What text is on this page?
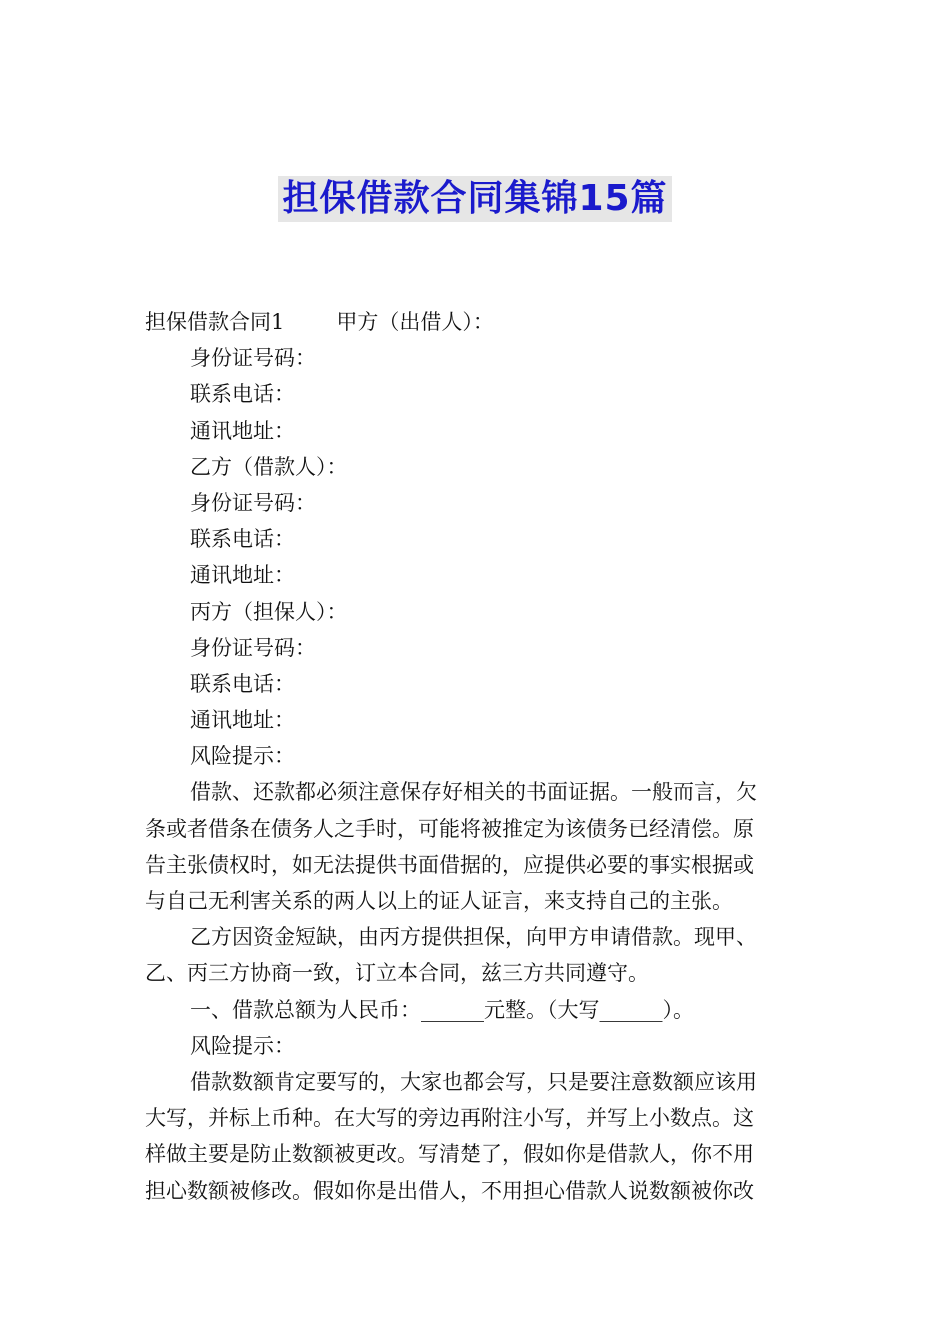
担保借款合同集锦15篇
担保借款合同1 甲方（出借人）：
身份证号码：
联系电话：
通讯地址：
乙方（借款人）：
身份证号码：
联系电话：
通讯地址：
丙方（担保人）：
身份证号码：
联系电话：
通讯地址：
风险提示：
借款、还款都必须注意保存好相关的书面证据。一般而言，欠
条或者借条在债务人之手时，可能将被推定为该债务已经清偿。原
告主张债权时，如无法提供书面借据的，应提供必要的事实根据或
与自己无利害关系的两人以上的证人证言，来支持自己的主张。
乙方因资金短缺，由丙方提供担保，向甲方申请借款。现甲、
乙、丙三方协商一致，订立本合同，兹三方共同遵守。
一、借款总额为人民币：______元整。（大写______）。
风险提示：
借款数额肯定要写的，大家也都会写，只是要注意数额应该用
大写，并标上币种。在大写的旁边再附注小写，并写上小数点。这
样做主要是防止数额被更改。写清楚了，假如你是借款人，你不用
担心数额被修改。假如你是出借人，不用担心借款人说数额被你改
